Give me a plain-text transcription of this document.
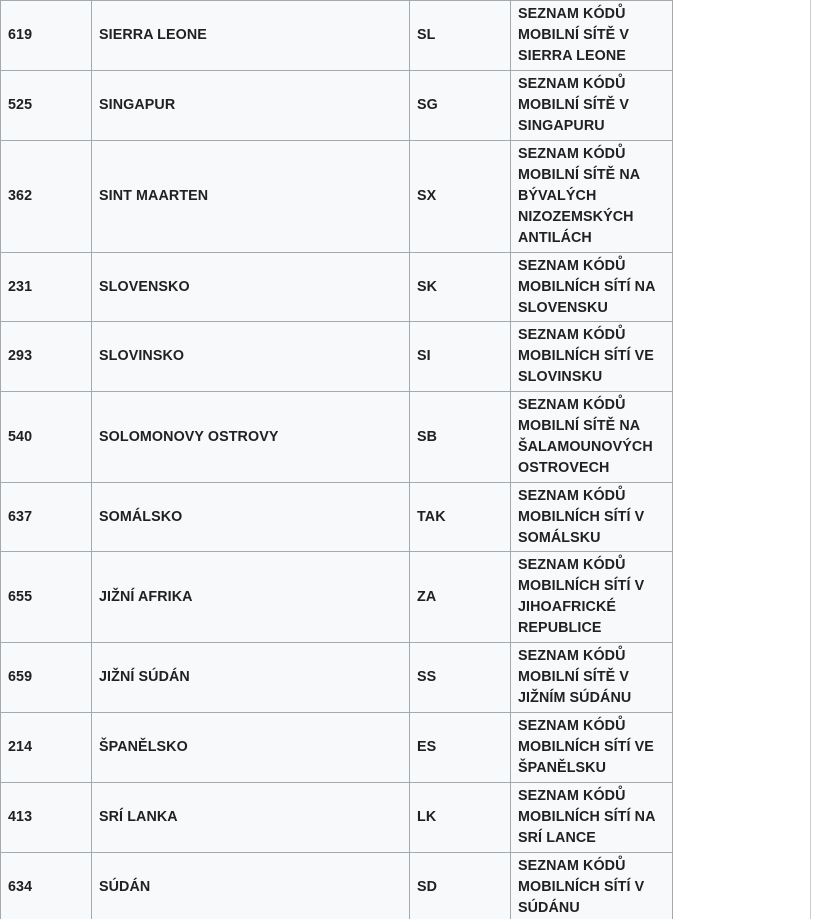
619	SIERRA LEONE	SL	SEZNAM KÓDŮ
MOBILNÍ SÍTĚ V
SIERRA LEONE

525	SINGAPUR	SG	SEZNAM KÓDŮ
MOBILNÍ SÍTĚ V
SINGAPURU

362	SINT MAARTEN	SX	SEZNAM KÓDŮ
MOBILNÍ SÍTĚ NA
BÝVALÝCH
NIZOZEMSKÝCH
ANTILÁCH

231	SLOVENSKO	SK	SEZNAM KÓDŮ
MOBILNÍCH SÍTÍ NA
SLOVENSKU

293	SLOVINSKO	SI	SEZNAM KÓDŮ
MOBILNÍCH SÍTÍ VE
SLOVINSKU

540	SOLOMONOVY OSTROVY	SB	SEZNAM KÓDŮ
MOBILNÍ SÍTĚ NA
ŠALAMOUNOVÝCH
OSTROVECH

637	SOMÁLSKO	TAK	SEZNAM KÓDŮ
MOBILNÍCH SÍTÍ V
SOMÁLSKU

655	JIŽNÍ AFRIKA	ZA	SEZNAM KÓDŮ
MOBILNÍCH SÍTÍ V
JIHOAFRICKÉ
REPUBLICE

659	JIŽNÍ SÚDÁN	SS	SEZNAM KÓDŮ
MOBILNÍ SÍTĚ V
JIŽNÍM SÚDÁNU

214	ŠPANĚLSKO	ES	SEZNAM KÓDŮ
MOBILNÍCH SÍTÍ VE
ŠPANĚLSKU

413	SRÍ LANKA	LK	SEZNAM KÓDŮ
MOBILNÍCH SÍTÍ NA
SRÍ LANCE

634	SÚDÁN	SD	SEZNAM KÓDŮ
MOBILNÍCH SÍTÍ V
SÚDÁNU
